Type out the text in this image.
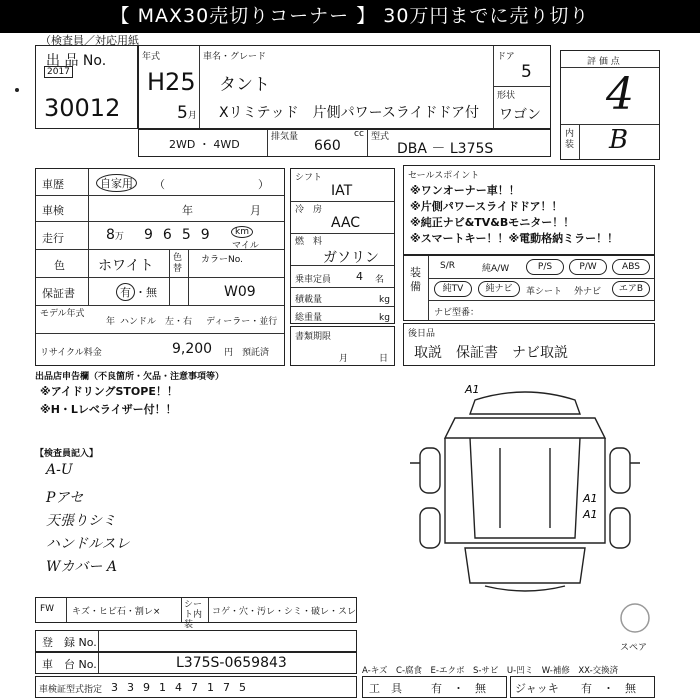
【 MAX30売切りコーナー 】 30万円までに売り切り
（検査員／対応用紙
出 品 No.
2017
30012
年式
H25
5月
車名・グレード
タント
Xリミテッド　片側パワースライドドア付
ドア
5
形状
ワゴン
2WD ・ 4WD
排気量	cc
660
型式
DBA － L375S
評 価 点
4
内装 B
車歴	自家用	（	）
車検	年	月
走行	8万 9659	km
マイル
色 ホワイト 色替
カラーNo.
W09
保証書	有 ・無
モデル年式
年 ハンドル　左・右 ディーラー・並行
リサイクル料金	9,200 円 預託済
シフト
IAT
冷　房
AAC
燃　料
ガソリン
乗車定員 4 名
積載量	kg
総重量	kg
書類期限
月	日
セールスポイント
※ワンオーナー車！！
※片側パワースライドドア！！
※純正ナビ&TV&Bモニター！！
※スマートキー！！※電動格納ミラー！！
装備
S/R	純A/W	P/S	P/W	ABS
純TV	純ナビ	革シート 外ナビ	エアB
ナビ型番：
後日品
取説　保証書　ナビ取説
出品店申告欄（不良箇所・欠品・注意事項等）
※アイドリングSTOPE！！
※H・Lレベライザー付！！
【検査員記入】
A-U
Pアセ
天張りシミ
ハンドルスレ
Wカバー A
A1
A1
A1
FW キズ・ヒビ石・割レ×
シート内装
コゲ・穴・汚レ・シミ・破レ・スレ
スペア
登　録 No.
車　台 No.	L375S-0659843	A-キズ　C-腐食　E-エクボ　S-サビ　U-凹ミ　W-補修　XX-交換済
車検証型式指定 339147175	工　具	有　・　無	ジャッキ 有　・　無
